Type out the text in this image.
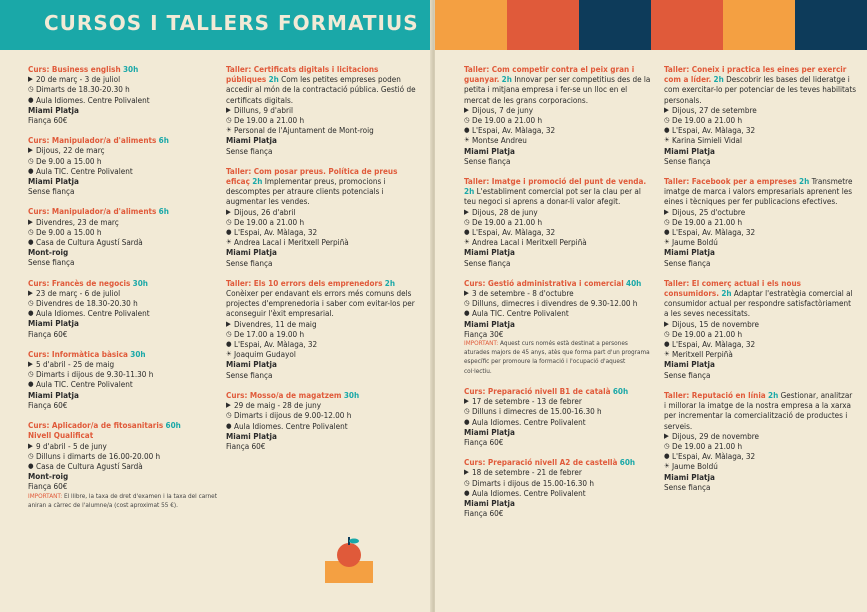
CURSOS I TALLERS FORMATIUS
Curs: Business english 30h
▶ 20 de març - 3 de juliol
◷ Dimarts de 18.30-20.30 h
● Aula Idiomes. Centre Polivalent
Miami Platja
Fiança 60€
Curs: Manipulador/a d'aliments 6h
▶ Dijous, 22 de març
◷ De 9.00 a 15.00 h
● Aula TIC. Centre Polivalent
Miami Platja
Sense fiança
Curs: Manipulador/a d'aliments 6h
▶ Divendres, 23 de març
◷ De 9.00 a 15.00 h
● Casa de Cultura Agustí Sardà
Mont-roig
Sense fiança
Curs: Francès de negocis 30h
▶ 23 de març - 6 de juliol
◷ Divendres de 18.30-20.30 h
● Aula Idiomes. Centre Polivalent
Miami Platja
Fiança 60€
Curs: Informàtica bàsica 30h
▶ 5 d'abril - 25 de maig
◷ Dimarts i dijous de 9.30-11.30 h
● Aula TIC. Centre Polivalent
Miami Platja
Fiança 60€
Curs: Aplicador/a de fitosanitaris 60h
Nivell Qualificat
▶ 9 d'abril - 5 de juny
◷ Dilluns i dimarts de 16.00-20.00 h
● Casa de Cultura Agustí Sardà
Mont-roig
Fiança 60€
IMPORTANT: El llibre, la taxa de dret d'examen i la taxa del carnet aniran a càrrec de l'alumne/a (cost aproximat 55 €).
Taller: Certificats digitals i licitacions públiques 2h Com les petites empreses poden accedir al món de la contractació pública. Gestió de certificats digitals.
▶ Dilluns, 9 d'abril
◷ De 19.00 a 21.00 h
☀ Personal de l'Ajuntament de Mont-roig
Miami Platja
Sense fiança
Taller: Com posar preus. Política de preus eficaç 2h Implementar preus, promocions i descomptes per atraure clients potencials i augmentar les vendes.
▶ Dijous, 26 d'abril
◷ De 19.00 a 21.00 h
● L'Espai, Av. Màlaga, 32
☀ Andrea Lacal i Meritxell Perpiñà
Miami Platja
Sense fiança
Taller: Els 10 errors dels emprenedors 2h Conèixer per endavant els errors més comuns dels projectes d'emprenedoria i saber com evitar-los per aconseguir l'èxit empresarial.
▶ Divendres, 11 de maig
◷ De 17.00 a 19.00 h
● L'Espai, Av. Màlaga, 32
☀ Joaquim Gudayol
Miami Platja
Sense fiança
Curs: Mosso/a de magatzem 30h
▶ 29 de maig - 28 de juny
◷ Dimarts i dijous de 9.00-12.00 h
● Aula Idiomes. Centre Polivalent
Miami Platja
Fiança 60€
Taller: Com competir contra el peix gran i guanyar. 2h Innovar per ser competitius des de la petita i mitjana empresa i fer-se un lloc en el mercat de les grans corporacions.
▶ Dijous, 7 de juny
◷ De 19.00 a 21.00 h
● L'Espai, Av. Màlaga, 32
☀ Montse Andreu
Miami Platja
Sense fiança
Taller: Imatge i promoció del punt de venda. 2h L'establiment comercial pot ser la clau per al teu negoci si aprens a donar-li valor afegit.
▶ Dijous, 28 de juny
◷ De 19.00 a 21.00 h
● L'Espai, Av. Màlaga, 32
☀ Andrea Lacal i Meritxell Perpiñà
Miami Platja
Sense fiança
Curs: Gestió administrativa i comercial 40h
▶ 3 de setembre - 8 d'octubre
◷ Dilluns, dimecres i divendres de 9.30-12.00 h
● Aula TIC. Centre Polivalent
Miami Platja
Fiança 30€
IMPORTANT: Aquest curs només està destinat a persones aturades majors de 45 anys, atès que forma part d'un programa específic per promoure la formació i l'ocupació d'aquest col·lectiu.
Curs: Preparació nivell B1 de català 60h
▶ 17 de setembre - 13 de febrer
◷ Dilluns i dimecres de 15.00-16.30 h
● Aula Idiomes. Centre Polivalent
Miami Platja
Fiança 60€
Curs: Preparació nivell A2 de castellà 60h
▶ 18 de setembre - 21 de febrer
◷ Dimarts i dijous de 15.00-16.30 h
● Aula Idiomes. Centre Polivalent
Miami Platja
Fiança 60€
Taller: Coneix i practica les eines per exercir com a líder. 2h Descobrir les bases del lideratge i com exercitar-lo per potenciar de les teves habilitats personals.
▶ Dijous, 27 de setembre
◷ De 19.00 a 21.00 h
● L'Espai, Av. Màlaga, 32
☀ Karina Simieli Vidal
Miami Platja
Sense fiança
Taller: Facebook per a empreses 2h Transmetre imatge de marca i valors empresarials aprenent les eines i tècniques per fer publicacions efectives.
▶ Dijous, 25 d'octubre
◷ De 19.00 a 21.00 h
● L'Espai, Av. Màlaga, 32
☀ Jaume Boldú
Miami Platja
Sense fiança
Taller: El comerç actual i els nous consumidors. 2h Adaptar l'estratègia comercial al consumidor actual per respondre satisfactòriament a les seves necessitats.
▶ Dijous, 15 de novembre
◷ De 19.00 a 21.00 h
● L'Espai, Av. Màlaga, 32
☀ Meritxell Perpiñà
Miami Platja
Sense fiança
Taller: Reputació en línia 2h Gestionar, analitzar i millorar la imatge de la nostra empresa a la xarxa per incrementar la comercialització de productes i serveis.
▶ Dijous, 29 de novembre
◷ De 19.00 a 21.00 h
● L'Espai, Av. Màlaga, 32
☀ Jaume Boldú
Miami Platja
Sense fiança
